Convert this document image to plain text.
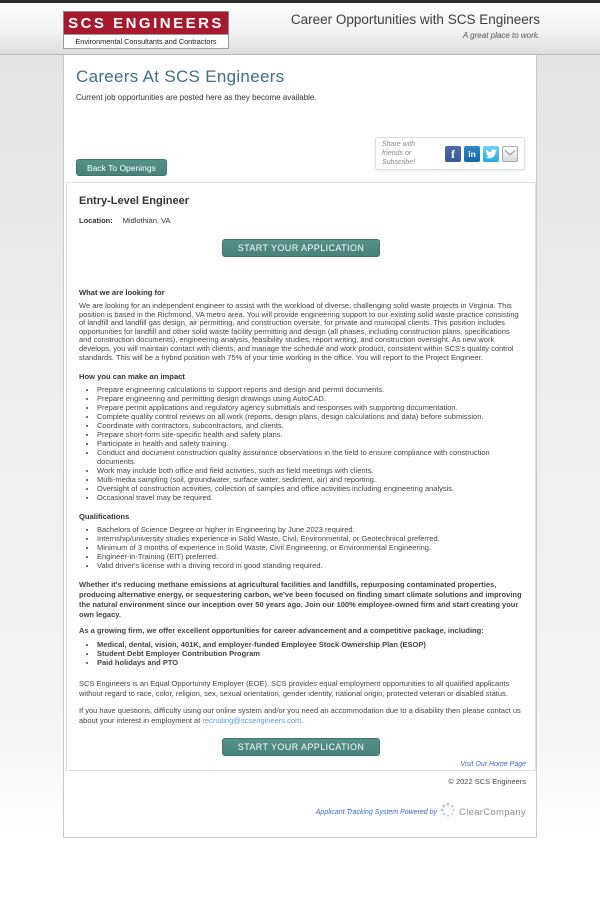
SCS ENGINEERS
Environmental Consultants and Contractors
Career Opportunities with SCS Engineers
A great place to work.
Careers At SCS Engineers

Current job opportunities are posted here as they become available.

Share with friends or Subscribe!
f	in
Back To Openings
Entry-Level Engineer
Location: Midlothian, VA
START YOUR APPLICATION
What we are looking for

We are looking for an independent engineer to assist with the workload of diverse, challenging solid waste projects in Virginia. This position is based in the Richmond, VA metro area. You will provide engineering support to our existing solid waste practice consisting of landfill and landfill gas design, air permitting, and construction oversite, for private and municipal clients. This position includes opportunities for landfill and other solid waste facility permitting and design (all phases, including construction plans, specifications and construction documents), engineering analysis, feasibility studies, report writing, and construction oversight. As new work develops, you will maintain contact with clients, and manage the schedule and work product, consistent within SCS's quality control standards. This will be a hybrid position with 75% of your time working in the office. You will report to the Project Engineer.

How you can make an impact
• Prepare engineering calculations to support reports and design and permit documents.
• Prepare engineering and permitting design drawings using AutoCAD.
• Prepare permit applications and regulatory agency submittals and responses with supporting documentation.
• Complete quality control reviews on all work (reports, design plans, design calculations and data) before submission.
• Coordinate with contractors, subcontractors, and clients.
• Prepare short-form site-specific health and safety plans.
• Participate in health and safety training.
• Conduct and document construction quality assurance observations in the field to ensure compliance with construction documents.
• Work may include both office and field activities, such as field meetings with clients.
• Multi-media sampling (soil, groundwater, surface water, sediment, air) and reporting.
• Oversight of construction activities, collection of samples and office activities including engineering analysis.
• Occasional travel may be required.
Qualifications
• Bachelors of Science Degree or higher in Engineering by June 2023 required.
• Internship/university studies experience in Solid Waste, Civil, Environmental, or Geotechnical preferred.
• Minimum of 3 months of experience in Solid Waste, Civil Engineering, or Environmental Engineering.
• Engineer-in-Training (EIT) preferred.
• Valid driver's license with a driving record in good standing required.

Whether it's reducing methane emissions at agricultural facilities and landfills, repurposing contaminated properties, producing alternative energy, or sequestering carbon, we've been focused on finding smart climate solutions and improving the natural environment since our inception over 50 years ago. Join our 100% employee-owned firm and start creating your own legacy.

As a growing firm, we offer excellent opportunities for career advancement and a competitive package, including:

• Medical, dental, vision, 401K, and employer-funded Employee Stock Ownership Plan (ESOP)
• Student Debt Employer Contribution Program
• Paid holidays and PTO

SCS Engineers is an Equal Opportunity Employer (EOE). SCS provides equal employment opportunities to all qualified applicants without regard to race, color, religion, sex, sexual orientation, gender identity, national origin, protected veteran or disabled status.

If you have questions, difficulty using our online system and/or you need an accommodation due to a disability then please contact us about your interest in employment at recruiting@scsengineers.com.

START YOUR APPLICATION
Visit Our Home Page
© 2022 SCS Engineers
Applicant Tracking System Powered by ClearCompany
